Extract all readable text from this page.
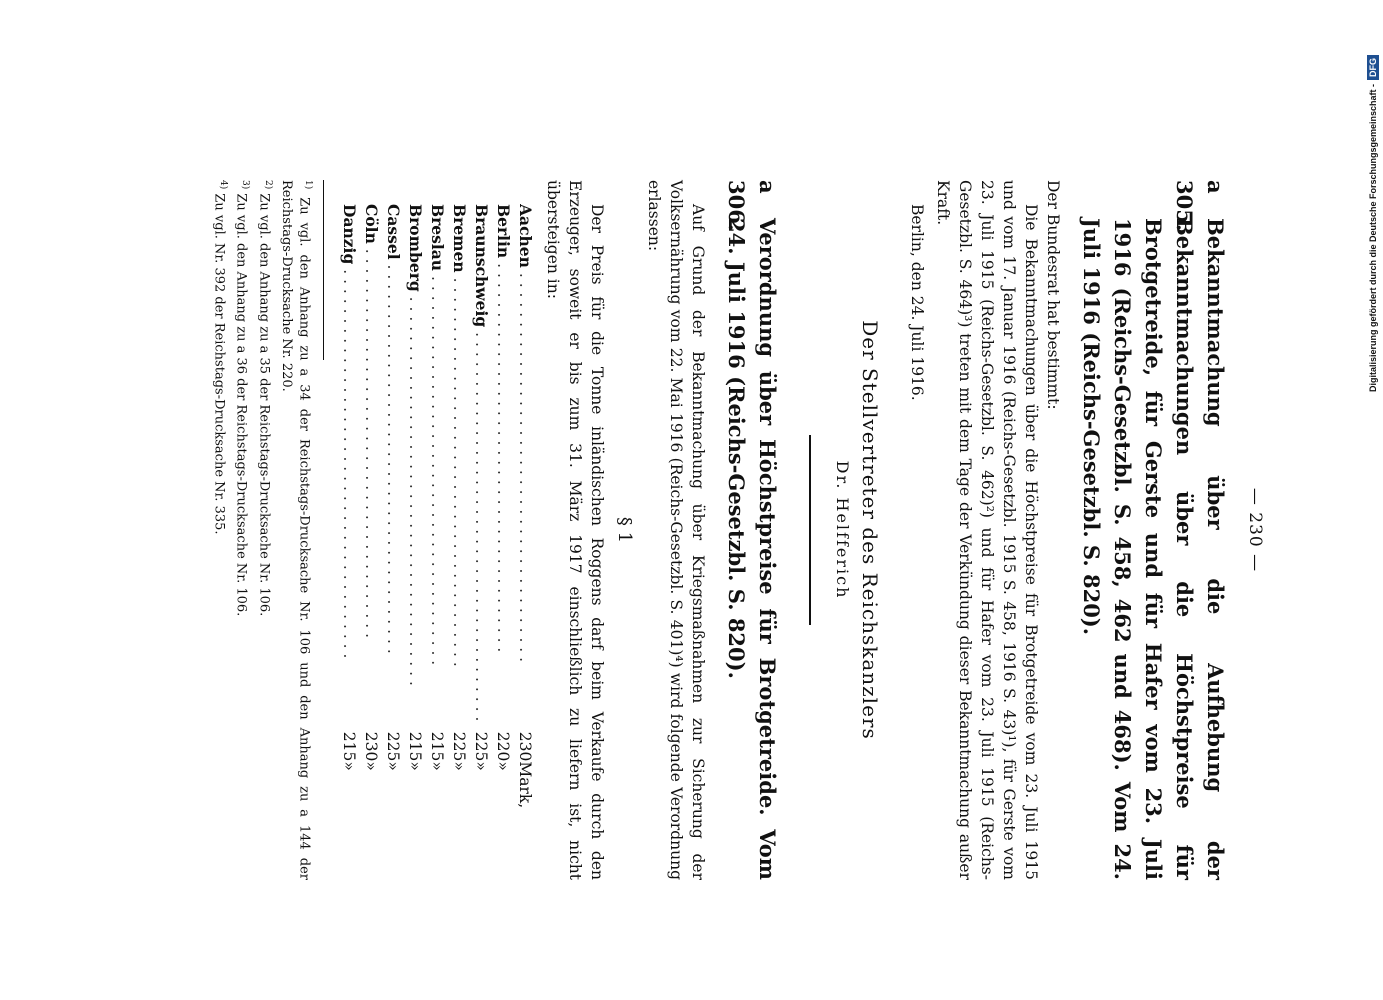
— 230 —
a 305.
Bekanntmachung über die Aufhebung der Bekanntmachungen über die Höchstpreise für Brotgetreide, für Gerste und für Hafer vom 23. Juli 1916 (Reichs-Gesetzbl. S. 458, 462 und 468). Vom 24. Juli 1916 (Reichs-Gesetzbl. S. 820).

Der Bundesrat hat bestimmt:

Die Bekanntmachungen über die Höchstpreise für Brotgetreide vom 23. Juli 1915 und vom 17. Januar 1916 (Reichs-Gesetzbl. 1915 S. 458, 1916 S. 43)¹), für Gerste vom 23. Juli 1915 (Reichs-Gesetzbl. S. 462)²) und für Hafer vom 23. Juli 1915 (Reichs-Gesetzbl. S. 464)³) treten mit dem Tage der Verkündung dieser Bekanntmachung außer Kraft.

Berlin, den 24. Juli 1916.

Der Stellvertreter des Reichskanzlers
Dr. Helfferich
a 306.
Verordnung über Höchstpreise für Brotgetreide. Vom 24. Juli 1916 (Reichs-Gesetzbl. S. 820).

Auf Grund der Bekanntmachung über Kriegsmaßnahmen zur Sicherung der Volksernährung vom 22. Mai 1916 (Reichs-Gesetzbl. S. 401)⁴) wird folgende Verordnung erlassen:

§ 1

Der Preis für die Tonne inländischen Roggens darf beim Verkaufe durch den Erzeuger, soweit er bis zum 31. März 1917 einschließlich zu liefern ist, nicht übersteigen in:

Aachen . . . . . . . . . . . . . . . . . . . . . . . . . . . . . . . . . . . . . . . .	230	Mark,
Berlin . . . . . . . . . . . . . . . . . . . . . . . . . . . . . . . . . . . . . . . .	220	»
Braunschweig . . . . . . . . . . . . . . . . . . . . . . . . . . . . . . . . . . . . . . . .	225	»
Bremen . . . . . . . . . . . . . . . . . . . . . . . . . . . . . . . . . . . . . . . .	225	»
Breslau . . . . . . . . . . . . . . . . . . . . . . . . . . . . . . . . . . . . . . . .	215	»
Bromberg . . . . . . . . . . . . . . . . . . . . . . . . . . . . . . . . . . . . . . . .	215	»
Cassel . . . . . . . . . . . . . . . . . . . . . . . . . . . . . . . . . . . . . . . .	225	»
Cöln . . . . . . . . . . . . . . . . . . . . . . . . . . . . . . . . . . . . . . . .	230	»
Danzig . . . . . . . . . . . . . . . . . . . . . . . . . . . . . . . . . . . . . . . .	215	»

$^{1)}$ Zu vgl. den Anhang zu a 34 der Reichstags-Drucksache Nr. 106 und den Anhang zu a 144 der Reichstags-Drucksache Nr. 220.

$^{2)}$ Zu vgl. den Anhang zu a 35 der Reichstags-Drucksache Nr. 106.

$^{3)}$ Zu vgl. den Anhang zu a 36 der Reichstags-Drucksache Nr. 106.

$^{4)}$ Zu vgl. Nr. 392 der Reichstags-Drucksache Nr. 335.	Digitalisierung gefördert durch die Deutsche Forschungsgemeinschaft -
DFG
